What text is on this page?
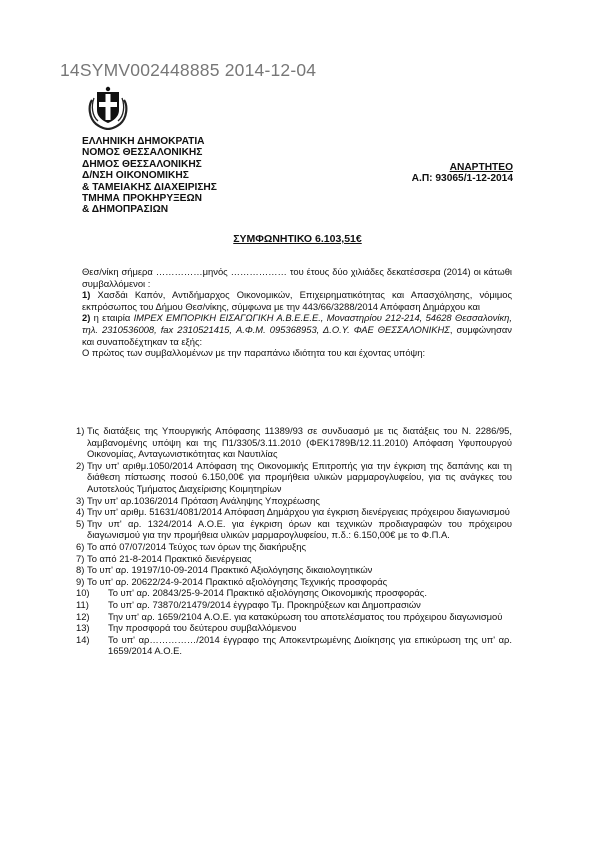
14SYMV002448885 2014-12-04
ΕΛΛΗΝΙΚΗ ΔΗΜΟΚΡΑΤΙΑ
ΝΟΜΟΣ ΘΕΣΣΑΛΟΝΙΚΗΣ
ΔΗΜΟΣ ΘΕΣΣΑΛΟΝΙΚΗΣ
Δ/ΝΣΗ ΟΙΚΟΝΟΜΙΚΗΣ
& ΤΑΜΕΙΑΚΗΣ ΔΙΑΧΕΙΡΙΣΗΣ
ΤΜΗΜΑ ΠΡΟΚΗΡΥΞΕΩΝ
& ΔΗΜΟΠΡΑΣΙΩΝ
ΑΝΑΡΤΗΤΕΟ
Α.Π: 93065/1-12-2014
ΣΥΜΦΩΝΗΤΙΚΟ 6.103,51€

Θεσ/νίκη σήμερα ……………μηνός ……………… του έτους δύο χιλιάδες δεκατέσσερα (2014) οι κάτωθι συμβαλλόμενοι :

1) Χασδάι Καπόν, Αντιδήμαρχος Οικονομικών, Επιχειρηματικότητας και Απασχόλησης, νόμιμος εκπρόσωπος του Δήμου Θεσ/νίκης, σύμφωνα με την 443/66/3288/2014 Απόφαση Δημάρχου και

2) η εταιρία ΙΜΡΕΧ ΕΜΠΟΡΙΚΗ ΕΙΣΑΓΩΓΙΚΗ Α.Β.Ε.Ε.Ε., Μοναστηρίου 212-214, 54628 Θεσσαλονίκη, τηλ. 2310536008, fax 2310521415, Α.Φ.Μ. 095368953, Δ.Ο.Υ. ΦΑΕ ΘΕΣΣΑΛΟΝΙΚΗΣ, συμφώνησαν και συναποδέχτηκαν τα εξής:

Ο πρώτος των συμβαλλομένων με την παραπάνω ιδιότητα του και έχοντας υπόψη:

1) Τις διατάξεις της Υπουργικής Απόφασης 11389/93 σε συνδυασμό με τις διατάξεις του Ν. 2286/95, λαμβανομένης υπόψη και της Π1/3305/3.11.2010 (ΦΕΚ1789Β/12.11.2010) Απόφαση Υφυπουργού Οικονομίας, Ανταγωνιστικότητας και Ναυτιλίας
2) Την υπ' αριθμ.1050/2014 Απόφαση της Οικονομικής Επιτροπής για την έγκριση της δαπάνης και τη διάθεση πίστωσης ποσού 6.150,00€ για προμήθεια υλικών μαρμαρογλυφείου, για τις ανάγκες του Αυτοτελούς Τμήματος Διαχείρισης Κοιμητηρίων
3) Την υπ' αρ.1036/2014 Πρόταση Ανάληψης Υποχρέωσης
4) Την υπ' αριθμ. 51631/4081/2014 Απόφαση Δημάρχου για έγκριση διενέργειας πρόχειρου διαγωνισμού
5) Την υπ' αρ. 1324/2014 Α.Ο.Ε. για έγκριση όρων και τεχνικών προδιαγραφών του πρόχειρου διαγωνισμού για την προμήθεια υλικών μαρμαρογλυφείου, π.δ.: 6.150,00€ με το Φ.Π.Α.
6) Το από 07/07/2014 Τεύχος των όρων της διακήρυξης
7) Το από 21-8-2014 Πρακτικό διενέργειας
8) Το υπ' αρ. 19197/10-09-2014 Πρακτικό Αξιολόγησης δικαιολογητικών
9) Το υπ' αρ. 20622/24-9-2014 Πρακτικό αξιολόγησης Τεχνικής προσφοράς
10)	Το υπ' αρ. 20843/25-9-2014 Πρακτικό αξιολόγησης Οικονομικής προσφοράς.
11)	Το υπ' αρ. 73870/21479/2014 έγγραφο Τμ. Προκηρύξεων και Δημοπρασιών
12)	Την υπ' αρ. 1659/2104 Α.Ο.Ε. για κατακύρωση του αποτελέσματος του πρόχειρου διαγωνισμού
13)	Την προσφορά του δεύτερου συμβαλλόμενου
14)	Το υπ' αρ……………/2014 έγγραφο της Αποκεντρωμένης Διοίκησης για επικύρωση της υπ' αρ. 1659/2014 Α.Ο.Ε.
